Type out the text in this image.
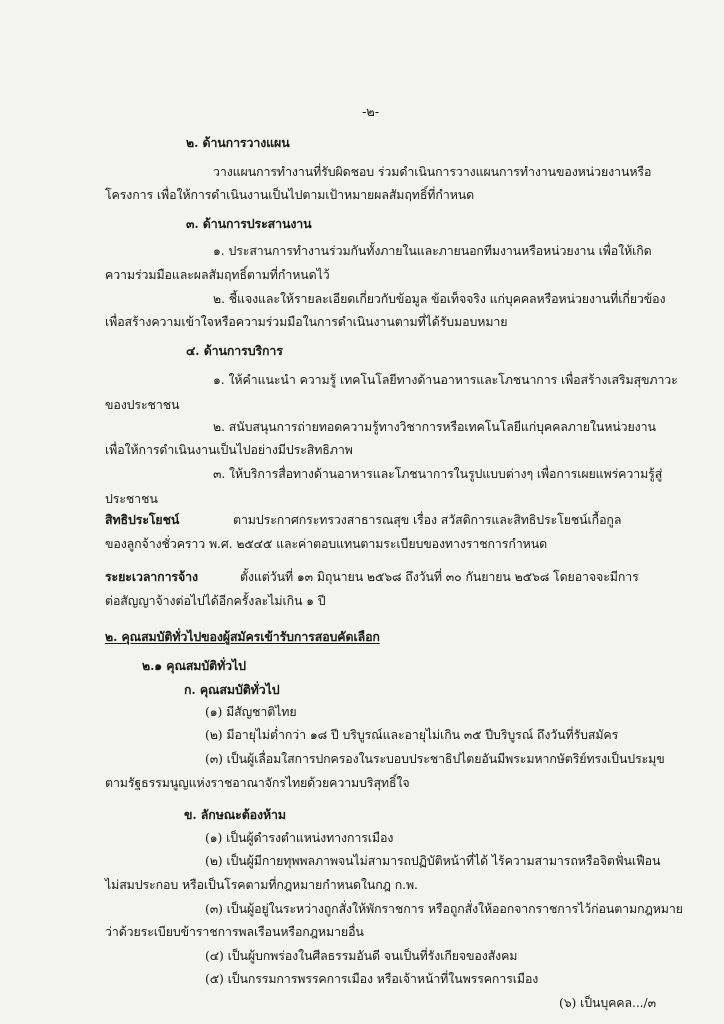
-๒-
๒. ด้านการวางแผน
วางแผนการทำงานที่รับผิดชอบ ร่วมดำเนินการวางแผนการทำงานของหน่วยงานหรือ
โครงการ เพื่อให้การดำเนินงานเป็นไปตามเป้าหมายผลสัมฤทธิ์ที่กำหนด
๓. ด้านการประสานงาน
๑. ประสานการทำงานร่วมกันทั้งภายในและภายนอกทีมงานหรือหน่วยงาน เพื่อให้เกิด
ความร่วมมือและผลสัมฤทธิ์ตามที่กำหนดไว้
๒. ชี้แจงและให้รายละเอียดเกี่ยวกับข้อมูล ข้อเท็จจริง แก่บุคคลหรือหน่วยงานที่เกี่ยวข้อง
เพื่อสร้างความเข้าใจหรือความร่วมมือในการดำเนินงานตามที่ได้รับมอบหมาย
๔. ด้านการบริการ
๑. ให้คำแนะนำ ความรู้ เทคโนโลยีทางด้านอาหารและโภชนาการ เพื่อสร้างเสริมสุขภาวะ
ของประชาชน
๒. สนับสนุนการถ่ายทอดความรู้ทางวิชาการหรือเทคโนโลยีแก่บุคคลภายในหน่วยงาน
เพื่อให้การดำเนินงานเป็นไปอย่างมีประสิทธิภาพ
๓. ให้บริการสื่อทางด้านอาหารและโภชนาการในรูปแบบต่างๆ เพื่อการเผยแพร่ความรู้สู่
ประชาชน
สิทธิประโยชน์	ตามประกาศกระทรวงสาธารณสุข เรื่อง สวัสดิการและสิทธิประโยชน์เกื้อกูล
ของลูกจ้างชั่วคราว พ.ศ. ๒๕๔๕ และค่าตอบแทนตามระเบียบของทางราชการกำหนด
ระยะเวลาการจ้าง	ตั้งแต่วันที่ ๑๓ มิถุนายน ๒๕๖๘ ถึงวันที่ ๓๐ กันยายน ๒๕๖๘ โดยอาจจะมีการ
ต่อสัญญาจ้างต่อไปได้อีกครั้งละไม่เกิน ๑ ปี
๒. คุณสมบัติทั่วไปของผู้สมัครเข้ารับการสอบคัดเลือก
๒.๑ คุณสมบัติทั่วไป
ก. คุณสมบัติทั่วไป
(๑) มีสัญชาติไทย
(๒) มีอายุไม่ต่ำกว่า ๑๘ ปี บริบูรณ์และอายุไม่เกิน ๓๕ ปีบริบูรณ์ ถึงวันที่รับสมัคร
(๓) เป็นผู้เลื่อมใสการปกครองในระบอบประชาธิปไตยอันมีพระมหากษัตริย์ทรงเป็นประมุข
ตามรัฐธรรมนูญแห่งราชอาณาจักรไทยด้วยความบริสุทธิ์ใจ
ข. ลักษณะต้องห้าม
(๑) เป็นผู้ดำรงตำแหน่งทางการเมือง
(๒) เป็นผู้มีกายทุพพลภาพจนไม่สามารถปฏิบัติหน้าที่ได้ ไร้ความสามารถหรือจิตฟั่นเฟือน
ไม่สมประกอบ หรือเป็นโรคตามที่กฎหมายกำหนดในกฎ ก.พ.
(๓) เป็นผู้อยู่ในระหว่างถูกสั่งให้พักราชการ หรือถูกสั่งให้ออกจากราชการไว้ก่อนตามกฎหมาย
ว่าด้วยระเบียบข้าราชการพลเรือนหรือกฎหมายอื่น
(๔) เป็นผู้บกพร่องในศีลธรรมอันดี จนเป็นที่รังเกียจของสังคม
(๕) เป็นกรรมการพรรคการเมือง หรือเจ้าหน้าที่ในพรรคการเมือง
(๖) เป็นบุคคล.../๓
